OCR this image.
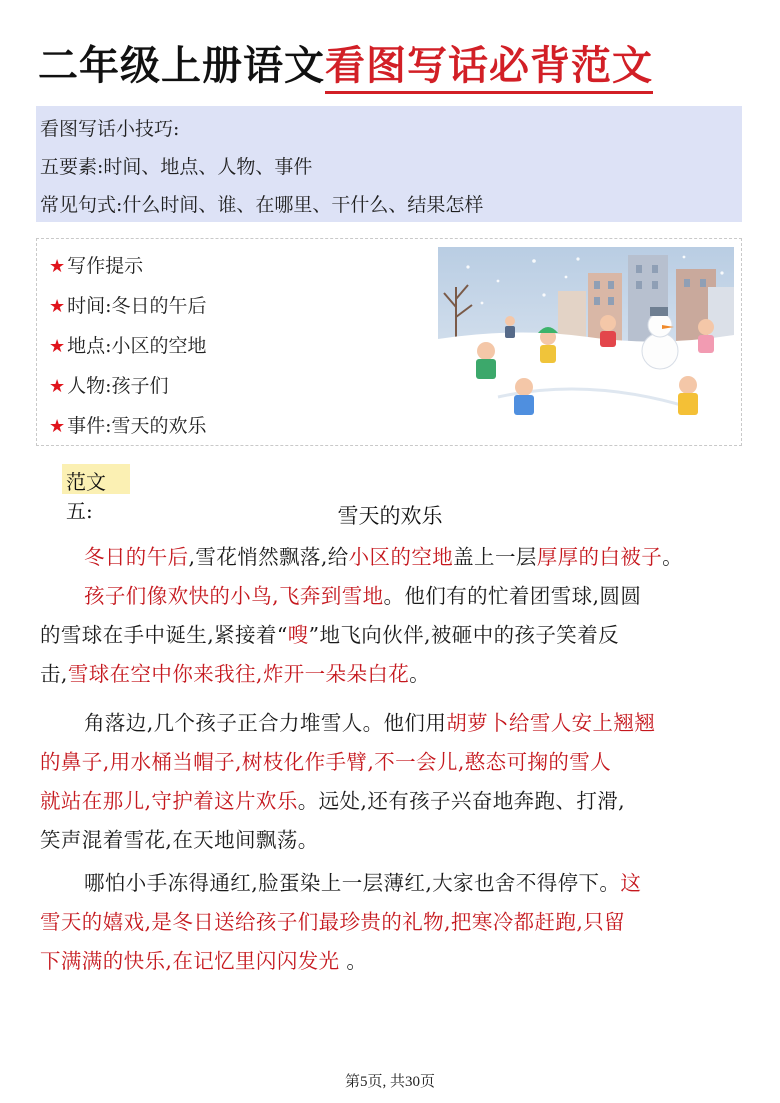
二年级上册语文看图写话必背范文
看图写话小技巧:
五要素:时间、地点、人物、事件
常见句式:什么时间、谁、在哪里、干什么、结果怎样
★ 写作提示
★ 时间:冬日的午后
★ 地点:小区的空地
★ 人物:孩子们
★ 事件:雪天的欢乐
范文五:	雪天的欢乐
冬日的午后,雪花悄然飘落,给小区的空地盖上一层厚厚的白被子。
孩子们像欢快的小鸟,飞奔到雪地。他们有的忙着团雪球,圆圆
的雪球在手中诞生,紧接着“嗖”地飞向伙伴,被砸中的孩子笑着反
击,雪球在空中你来我往,炸开一朵朵白花。
角落边,几个孩子正合力堆雪人。他们用胡萝卜给雪人安上翘翘
的鼻子,用水桶当帽子,树枝化作手臂,不一会儿,憨态可掬的雪人
就站在那儿,守护着这片欢乐。远处,还有孩子兴奋地奔跑、打滑,
笑声混着雪花,在天地间飘荡。
哪怕小手冻得通红,脸蛋染上一层薄红,大家也舍不得停下。这
雪天的嬉戏,是冬日送给孩子们最珍贵的礼物,把寒冷都赶跑,只留
下满满的快乐,在记忆里闪闪发光 。
第5页, 共30页
